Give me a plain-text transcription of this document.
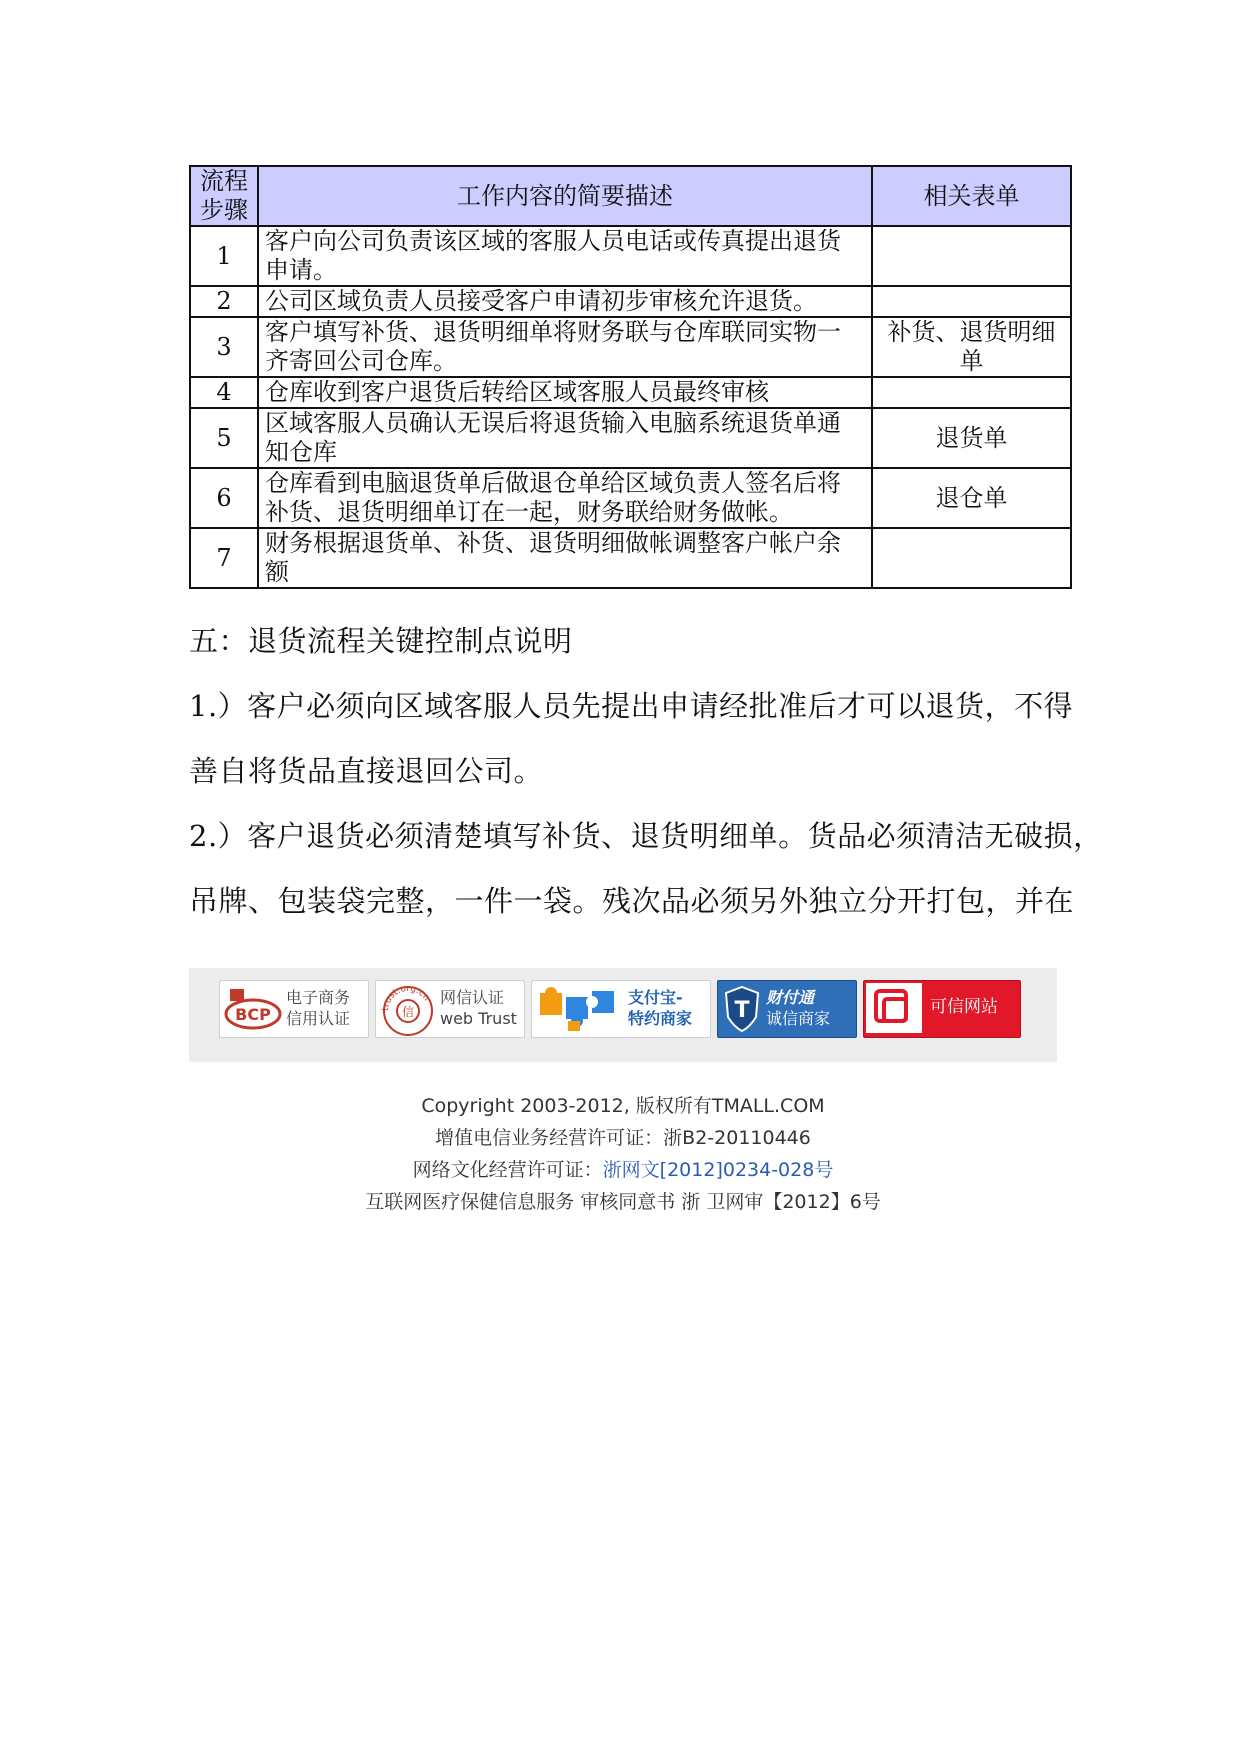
流程
步骤	工作内容的简要描述	相关表单
1	客户向公司负责该区域的客服人员电话或传真提出退货
申请。	
2	公司区域负责人员接受客户申请初步审核允许退货。	
3	客户填写补货、退货明细单将财务联与仓库联同实物一
齐寄回公司仓库。	补货、退货明细
单
4	仓库收到客户退货后转给区域客服人员最终审核	
5	区域客服人员确认无误后将退货输入电脑系统退货单通
知仓库	退货单
6	仓库看到电脑退货单后做退仓单给区域负责人签名后将
补货、退货明细单订在一起，财务联给财务做帐。	退仓单
7	财务根据退货单、补货、退货明细做帐调整客户帐户余
额	

五：退货流程关键控制点说明

1.）客户必须向区域客服人员先提出申请经批准后才可以退货，不得

善自将货品直接退回公司。

2.）客户退货必须清楚填写补货、退货明细单。货品必须清洁无破损，

吊牌、包装袋完整，一件一袋。残次品必须另外独立分开打包，并在

BCP
电子商务
信用认证	trust.org.cn
信
网信认证
web Trust
支付宝-
特约商家 T
财付通
诚信商家
可信网站
Copyright 2003-2012, 版权所有TMALL.COM
增值电信业务经营许可证：浙B2-20110446
网络文化经营许可证：浙网文[2012]0234-028号
互联网医疗保健信息服务 审核同意书 浙 卫网审【2012】6号
